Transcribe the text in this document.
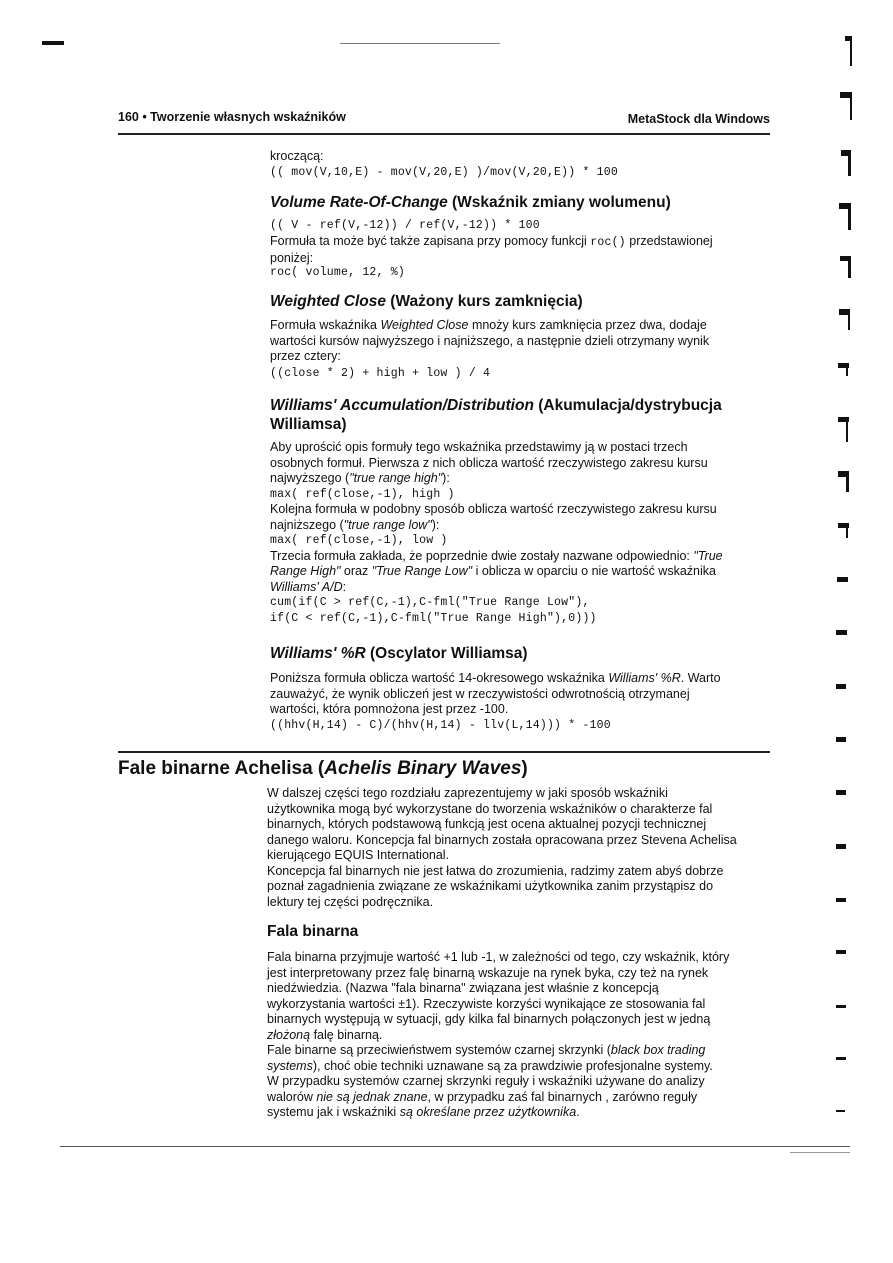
160 • Tworzenie własnych wskaźników	MetaStock dla Windows
kroczącą:
(( mov(V,10,E) - mov(V,20,E) )/mov(V,20,E)) * 100
Volume Rate-Of-Change (Wskaźnik zmiany wolumenu)
(( V - ref(V,-12)) / ref(V,-12)) * 100

Formuła ta może być także zapisana przy pomocy funkcji roc() przedstawionej

poniżej:

roc( volume, 12, %)
Weighted Close (Ważony kurs zamknięcia)

Formuła wskaźnika Weighted Close mnoży kurs zamknięcia przez dwa, dodaje

wartości kursów najwyższego i najniższego, a następnie dzieli otrzymany wynik

przez cztery:

((close * 2) + high + low ) / 4

Williams' Accumulation/Distribution (Akumulacja/dystrybucja

Williamsa)

Aby uprościć opis formuły tego wskaźnika przedstawimy ją w postaci trzech

osobnych formuł. Pierwsza z nich oblicza wartość rzeczywistego zakresu kursu

najwyższego ("true range high"):

max( ref(close,-1), high )

Kolejna formuła w podobny sposób oblicza wartość rzeczywistego zakresu kursu

najniższego ("true range low"):

max( ref(close,-1), low )

Trzecia formuła zakłada, że poprzednie dwie zostały nazwane odpowiednio: "True

Range High" oraz "True Range Low" i oblicza w oparciu o nie wartość wskaźnika

Williams' A/D:

cum(if(C > ref(C,-1),C-fml("True Range Low"),

if(C < ref(C,-1),C-fml("True Range High"),0)))

Williams' %R (Oscylator Williamsa)

Poniższa formuła oblicza wartość 14-okresowego wskaźnika Williams' %R. Warto

zauważyć, że wynik obliczeń jest w rzeczywistości odwrotnością otrzymanej

wartości, która pomnożona jest przez -100.

((hhv(H,14) - C)/(hhv(H,14) - llv(L,14))) * -100

Fale binarne Achelisa (Achelis Binary Waves)

W dalszej części tego rozdziału zaprezentujemy w jaki sposób wskaźniki

użytkownika mogą być wykorzystane do tworzenia wskaźników o charakterze fal

binarnych, których podstawową funkcją jest ocena aktualnej pozycji technicznej

danego waloru. Koncepcja fal binarnych została opracowana przez Stevena Achelisa

kierującego EQUIS International.

Koncepcja fal binarnych nie jest łatwa do zrozumienia, radzimy zatem abyś dobrze

poznał zagadnienia związane ze wskaźnikami użytkownika zanim przystąpisz do

lektury tej części podręcznika.

Fala binarna

Fala binarna przyjmuje wartość +1 lub -1, w zależności od tego, czy wskaźnik, który

jest interpretowany przez falę binarną wskazuje na rynek byka, czy też na rynek

niedźwiedzia. (Nazwa "fala binarna" związana jest właśnie z koncepcją

wykorzystania wartości ±1). Rzeczywiste korzyści wynikające ze stosowania fal

binarnych występują w sytuacji, gdy kilka fal binarnych połączonych jest w jedną

złożoną falę binarną.

Fale binarne są przeciwieństwem systemów czarnej skrzynki (black box trading

systems), choć obie techniki uznawane są za prawdziwie profesjonalne systemy.

W przypadku systemów czarnej skrzynki reguły i wskaźniki używane do analizy

walorów nie są jednak znane, w przypadku zaś fal binarnych , zarówno reguły

systemu jak i wskaźniki są określane przez użytkownika.
